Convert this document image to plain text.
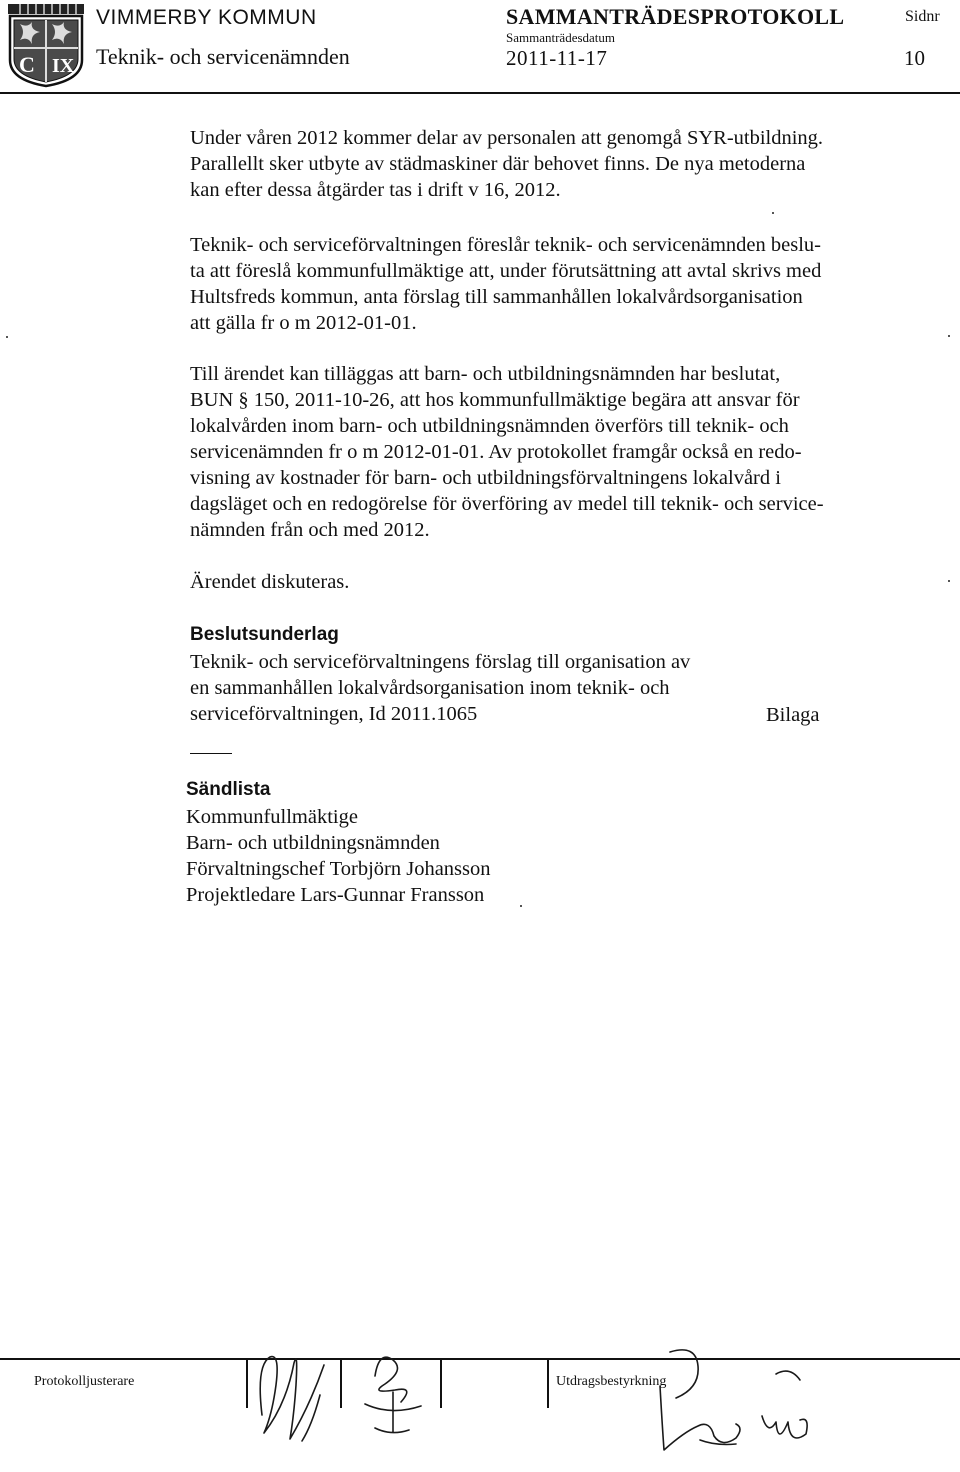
C IX
VIMMERBY KOMMUN
Teknik- och servicenämnden
SAMMANTRÄDESPROTOKOLL
Sammanträdesdatum
2011-11-17
Sidnr
10
Under våren 2012 kommer delar av personalen att genomgå SYR-utbildning.
Parallellt sker utbyte av städmaskiner där behovet finns. De nya metoderna
kan efter dessa åtgärder tas i drift v 16, 2012.
Teknik- och serviceförvaltningen föreslår teknik- och servicenämnden beslu-
ta att föreslå kommunfullmäktige att, under förutsättning att avtal skrivs med
Hultsfreds kommun, anta förslag till sammanhållen lokalvårdsorganisation
att gälla fr o m 2012-01-01.
Till ärendet kan tilläggas att barn- och utbildningsnämnden har beslutat,
BUN § 150, 2011-10-26, att hos kommunfullmäktige begära att ansvar för
lokalvården inom barn- och utbildningsnämnden överförs till teknik- och
servicenämnden fr o m 2012-01-01. Av protokollet framgår också en redo-
visning av kostnader för barn- och utbildningsförvaltningens lokalvård i
dagsläget och en redogörelse för överföring av medel till teknik- och service-
nämnden från och med 2012.
Ärendet diskuteras.
Beslutsunderlag
Teknik- och serviceförvaltningens förslag till organisation av
en sammanhållen lokalvårdsorganisation inom teknik- och
serviceförvaltningen, Id 2011.1065	Bilaga
Sändlista
Kommunfullmäktige
Barn- och utbildningsnämnden
Förvaltningschef Torbjörn Johansson
Projektledare Lars-Gunnar Fransson
Protokolljusterare	Utdragsbestyrkning
